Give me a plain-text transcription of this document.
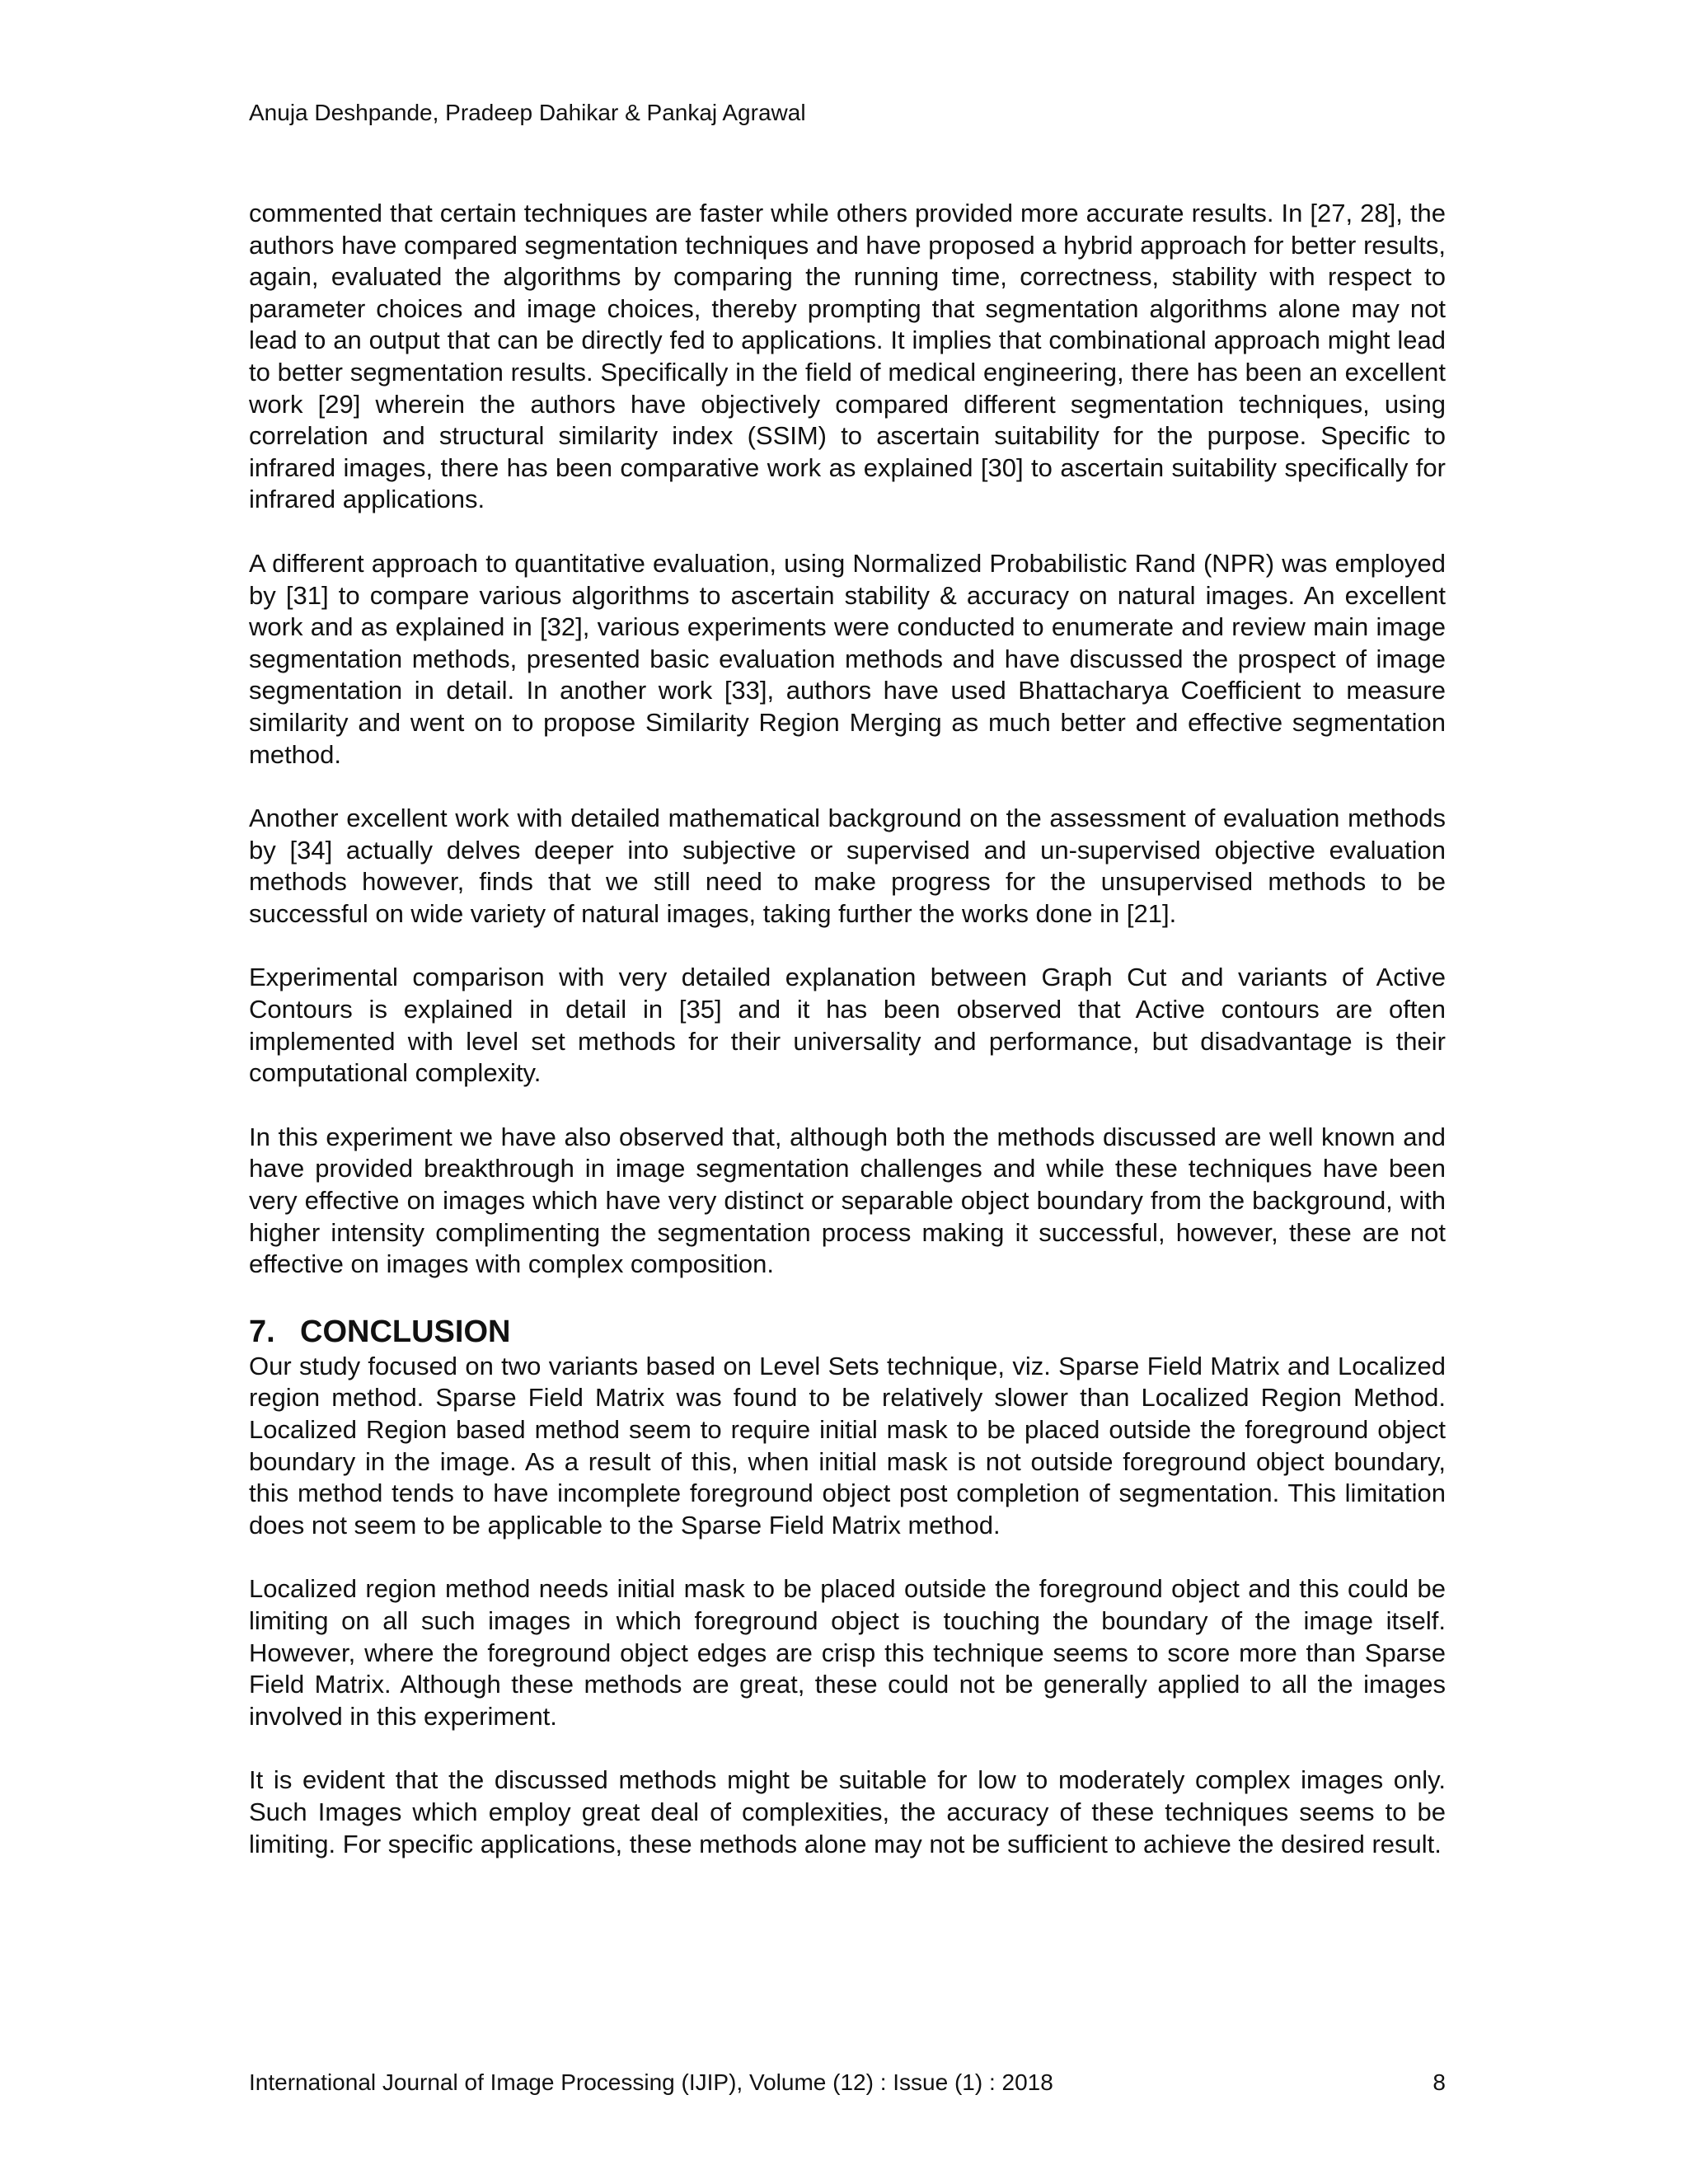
Anuja Deshpande, Pradeep Dahikar & Pankaj Agrawal

commented that certain techniques are faster while others provided more accurate results. In [27, 28], the authors have compared segmentation techniques and have proposed a hybrid approach for better results, again, evaluated the algorithms by comparing the running time, correctness, stability with respect to parameter choices and image choices, thereby prompting that segmentation algorithms alone may not lead to an output that can be directly fed to applications. It implies that combinational approach might lead to better segmentation results. Specifically in the field of medical engineering, there has been an excellent work [29] wherein the authors have objectively compared different segmentation techniques, using correlation and structural similarity index (SSIM) to ascertain suitability for the purpose. Specific to infrared images, there has been comparative work as explained [30] to ascertain suitability specifically for infrared applications.

A different approach to quantitative evaluation, using Normalized Probabilistic Rand (NPR) was employed by [31] to compare various algorithms to ascertain stability & accuracy on natural images. An excellent work and as explained in [32], various experiments were conducted to enumerate and review main image segmentation methods, presented basic evaluation methods and have discussed the prospect of image segmentation in detail. In another work [33], authors have used Bhattacharya Coefficient to measure similarity and went on to propose Similarity Region Merging as much better and effective segmentation method.

Another excellent work with detailed mathematical background on the assessment of evaluation methods by [34] actually delves deeper into subjective or supervised and un-supervised objective evaluation methods however, finds that we still need to make progress for the unsupervised methods to be successful on wide variety of natural images, taking further the works done in [21].

Experimental comparison with very detailed explanation between Graph Cut and variants of Active Contours is explained in detail in [35] and it has been observed that Active contours are often implemented with level set methods for their universality and performance, but disadvantage is their computational complexity.

In this experiment we have also observed that, although both the methods discussed are well known and have provided breakthrough in image segmentation challenges and while these techniques have been very effective on images which have very distinct or separable object boundary from the background, with higher intensity complimenting the segmentation process making it successful, however, these are not effective on images with complex composition.

7. CONCLUSION

Our study focused on two variants based on Level Sets technique, viz. Sparse Field Matrix and Localized region method. Sparse Field Matrix was found to be relatively slower than Localized Region Method. Localized Region based method seem to require initial mask to be placed outside the foreground object boundary in the image. As a result of this, when initial mask is not outside foreground object boundary, this method tends to have incomplete foreground object post completion of segmentation. This limitation does not seem to be applicable to the Sparse Field Matrix method.

Localized region method needs initial mask to be placed outside the foreground object and this could be limiting on all such images in which foreground object is touching the boundary of the image itself. However, where the foreground object edges are crisp this technique seems to score more than Sparse Field Matrix. Although these methods are great, these could not be generally applied to all the images involved in this experiment.

It is evident that the discussed methods might be suitable for low to moderately complex images only. Such Images which employ great deal of complexities, the accuracy of these techniques seems to be limiting. For specific applications, these methods alone may not be sufficient to achieve the desired result.

International Journal of Image Processing (IJIP), Volume (12) : Issue (1) : 2018	8
